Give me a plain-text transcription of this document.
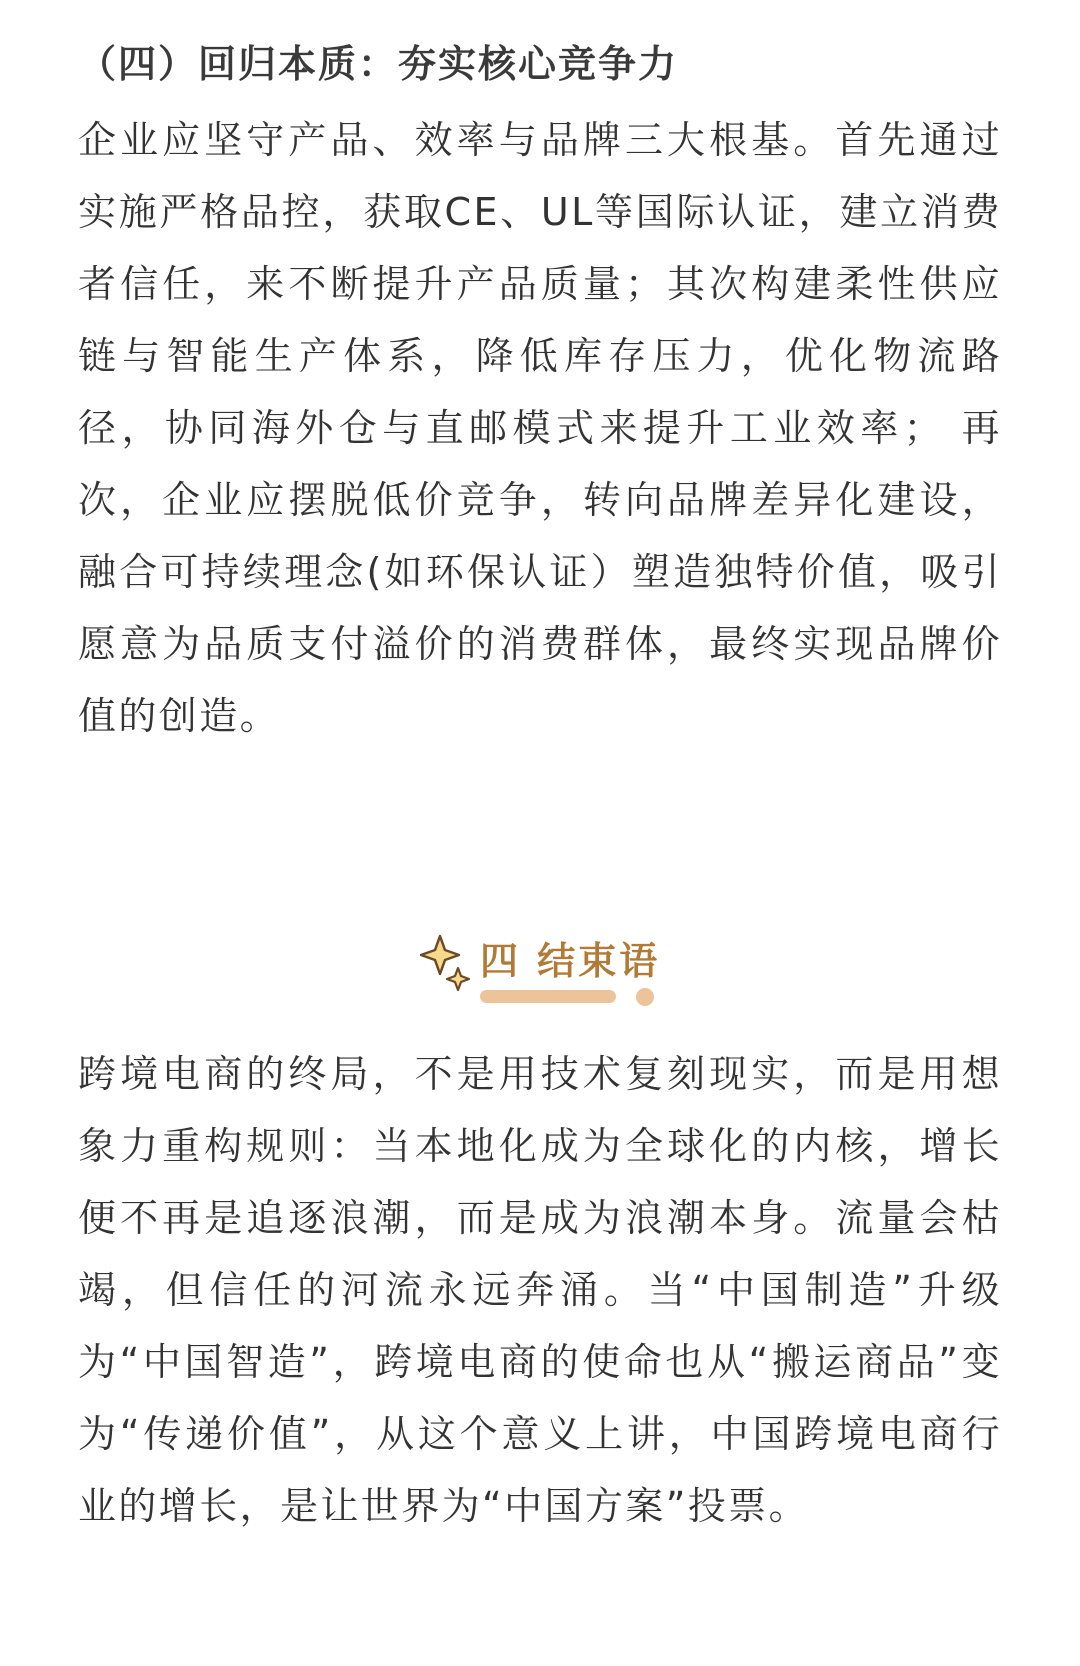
（四）回归本质：夯实核心竞争力

企业应坚守产品、效率与品牌三大根基。首先通过实施严格品控，获取CE、UL等国际认证，建立消费者信任，来不断提升产品质量；其次构建柔性供应链与智能生产体系，降低库存压力，优化物流路径，协同海外仓与直邮模式来提升工业效率； 再次，企业应摆脱低价竞争，转向品牌差异化建设，融合可持续理念(如环保认证）塑造独特价值，吸引愿意为品质支付溢价的消费群体，最终实现品牌价值的创造。

四 结束语

跨境电商的终局，不是用技术复刻现实，而是用想象力重构规则：当本地化成为全球化的内核，增长便不再是追逐浪潮，而是成为浪潮本身。流量会枯竭，但信任的河流永远奔涌。当“中国制造”升级为“中国智造”，跨境电商的使命也从“搬运商品”变为“传递价值”，从这个意义上讲，中国跨境电商行业的增长，是让世界为“中国方案”投票。
